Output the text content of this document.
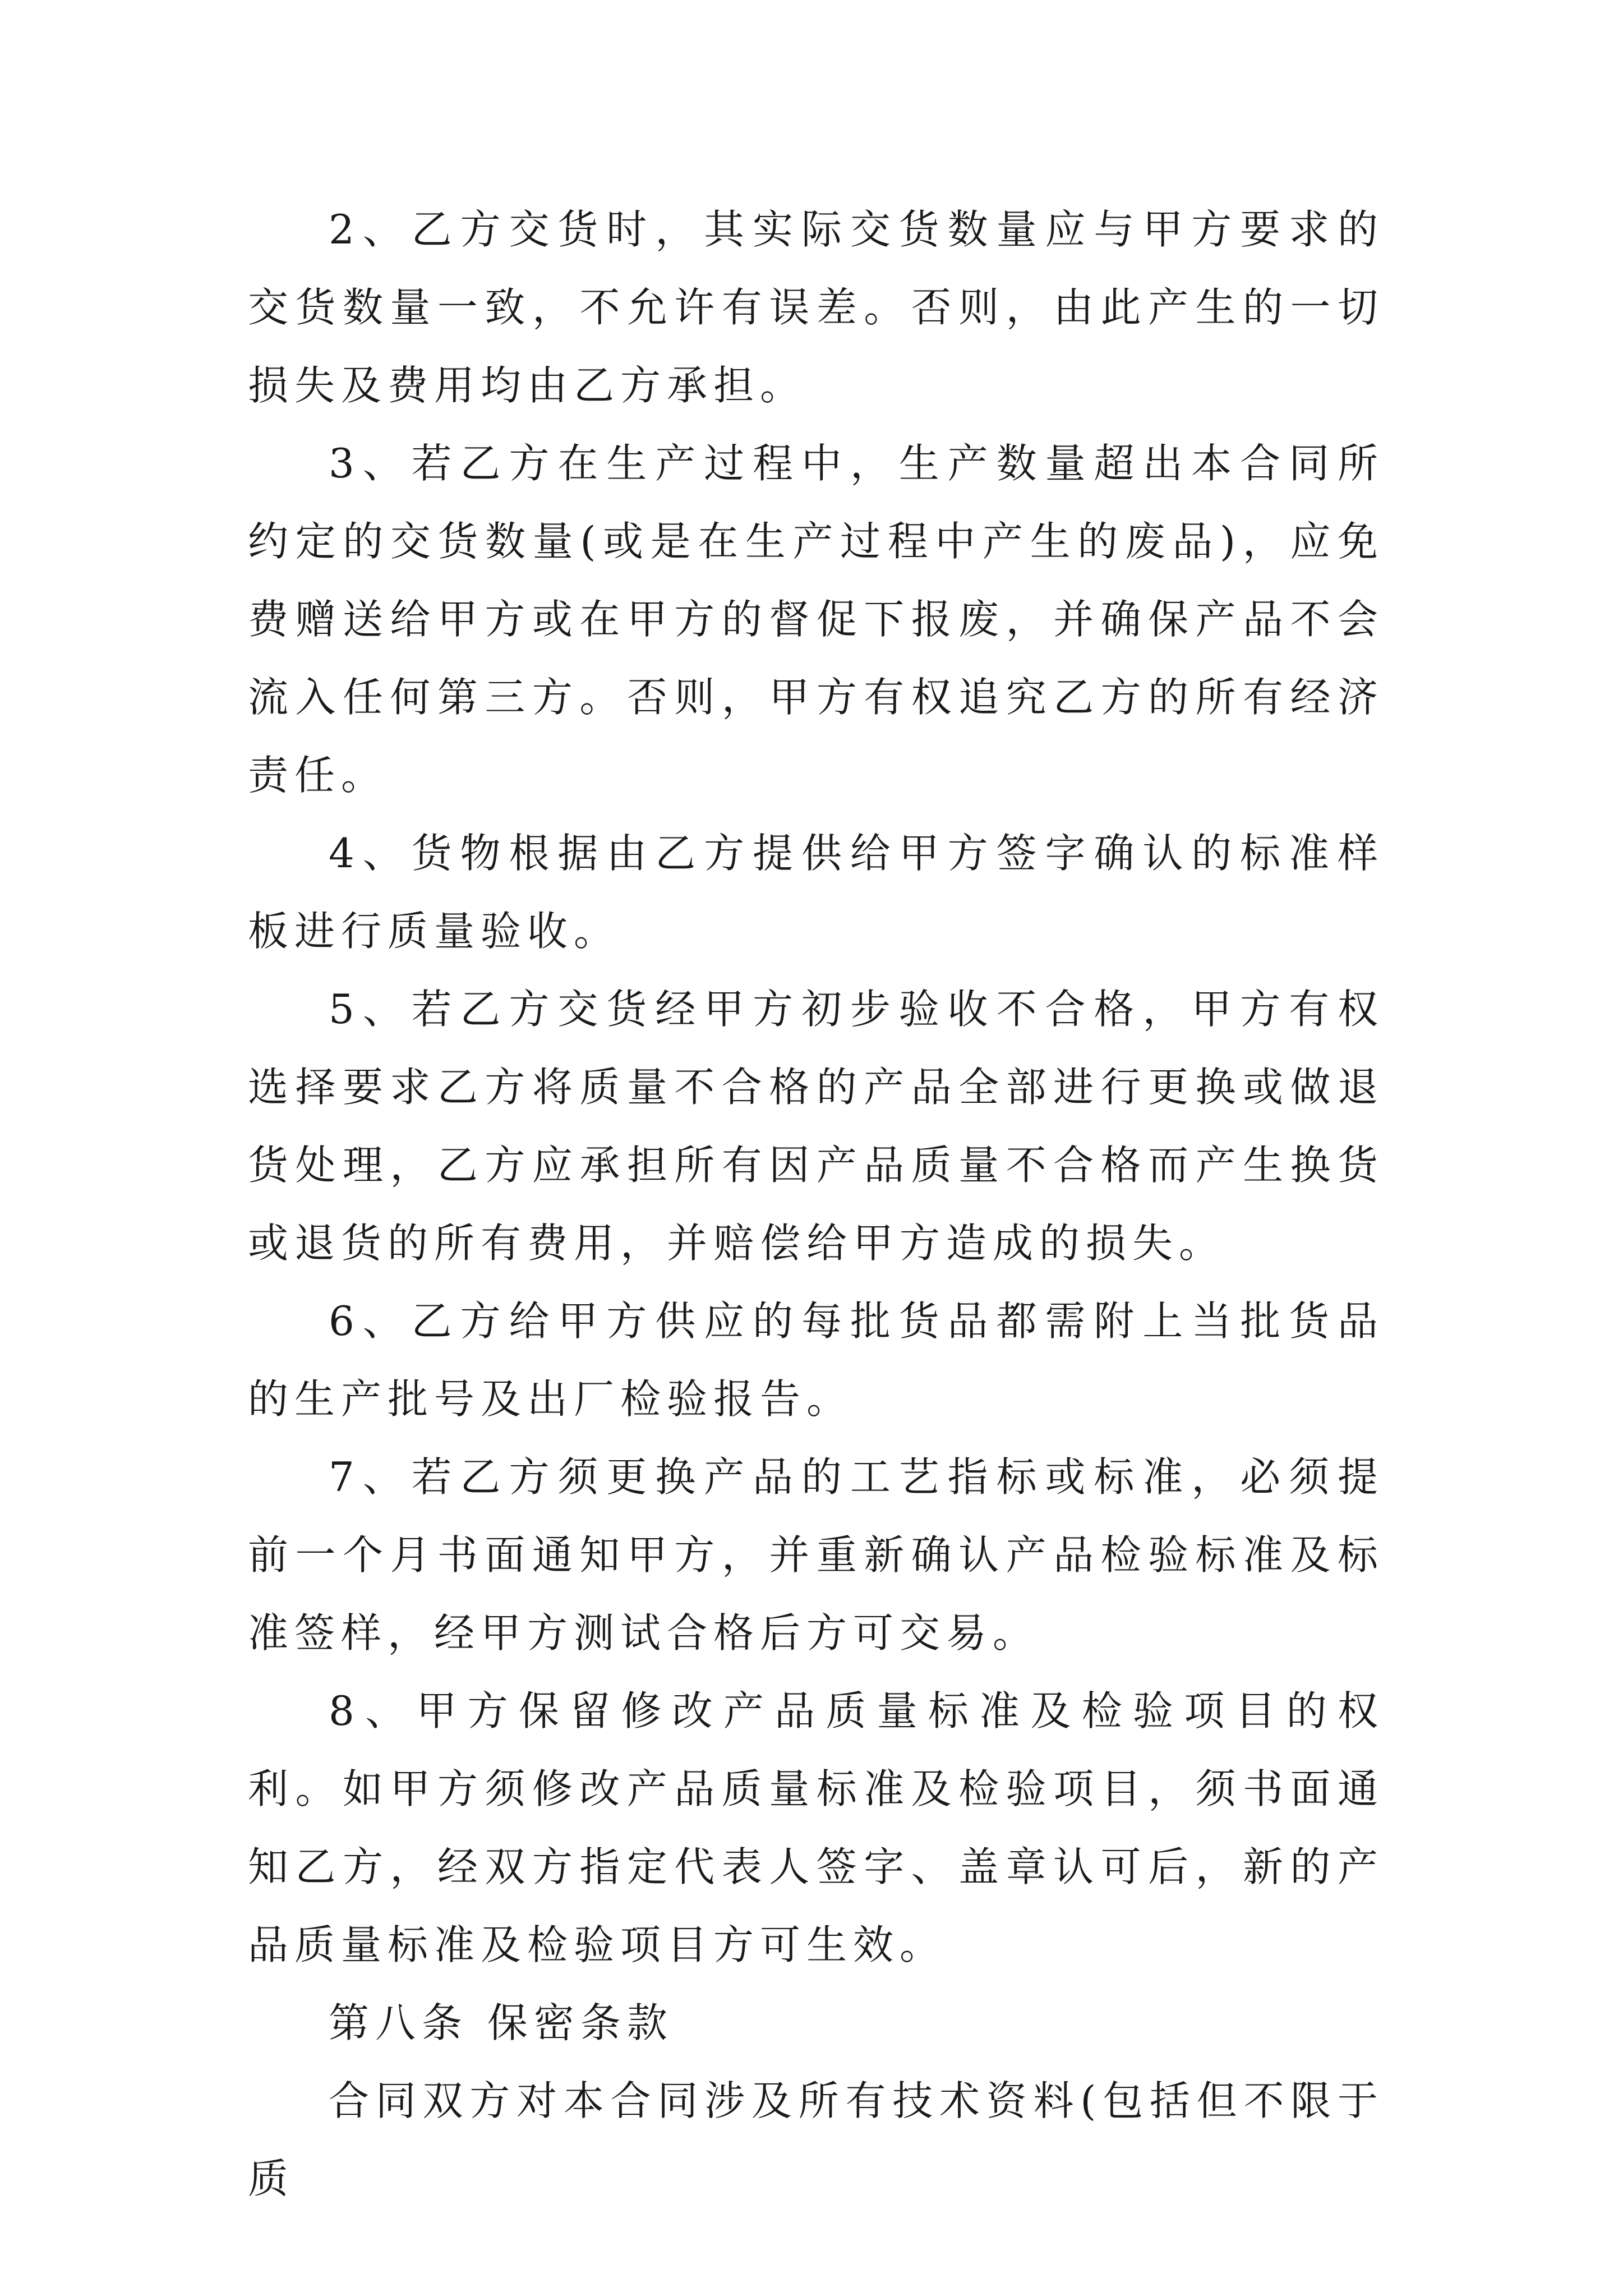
2、乙方交货时，其实际交货数量应与甲方要求的交货数量一致，不允许有误差。否则，由此产生的一切损失及费用均由乙方承担。

3、若乙方在生产过程中，生产数量超出本合同所约定的交货数量(或是在生产过程中产生的废品)，应免费赠送给甲方或在甲方的督促下报废，并确保产品不会流入任何第三方。否则，甲方有权追究乙方的所有经济责任。

4、货物根据由乙方提供给甲方签字确认的标准样板进行质量验收。

5、若乙方交货经甲方初步验收不合格，甲方有权选择要求乙方将质量不合格的产品全部进行更换或做退货处理，乙方应承担所有因产品质量不合格而产生换货或退货的所有费用，并赔偿给甲方造成的损失。

6、乙方给甲方供应的每批货品都需附上当批货品的生产批号及出厂检验报告。

7、若乙方须更换产品的工艺指标或标准，必须提前一个月书面通知甲方，并重新确认产品检验标准及标准签样，经甲方测试合格后方可交易。

8、甲方保留修改产品质量标准及检验项目的权利。如甲方须修改产品质量标准及检验项目，须书面通知乙方，经双方指定代表人签字、盖章认可后，新的产品质量标准及检验项目方可生效。

第八条 保密条款

合同双方对本合同涉及所有技术资料(包括但不限于质
